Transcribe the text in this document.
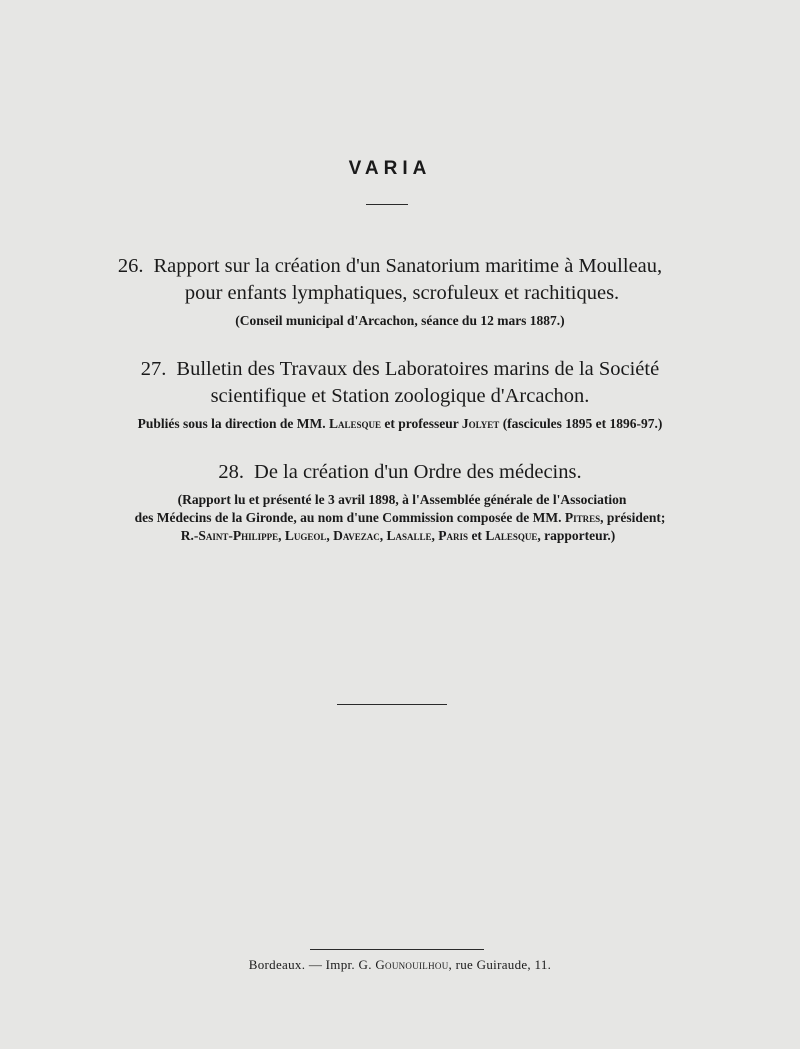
VARIA
26. Rapport sur la création d'un Sanatorium maritime à Moulleau,
pour enfants lymphatiques, scrofuleux et rachitiques.
(Conseil municipal d'Arcachon, séance du 12 mars 1887.)
27. Bulletin des Travaux des Laboratoires marins de la Société
scientifique et Station zoologique d'Arcachon.
Publiés sous la direction de MM. Lalesque et professeur Jolyet (fascicules 1895 et 1896-97.)
28. De la création d'un Ordre des médecins.
(Rapport lu et présenté le 3 avril 1898, à l'Assemblée générale de l'Association
des Médecins de la Gironde, au nom d'une Commission composée de MM. Pitres, président;
R.-Saint-Philippe, Lugeol, Davezac, Lasalle, Paris et Lalesque, rapporteur.)
Bordeaux. — Impr. G. Gounouilhou, rue Guiraude, 11.
